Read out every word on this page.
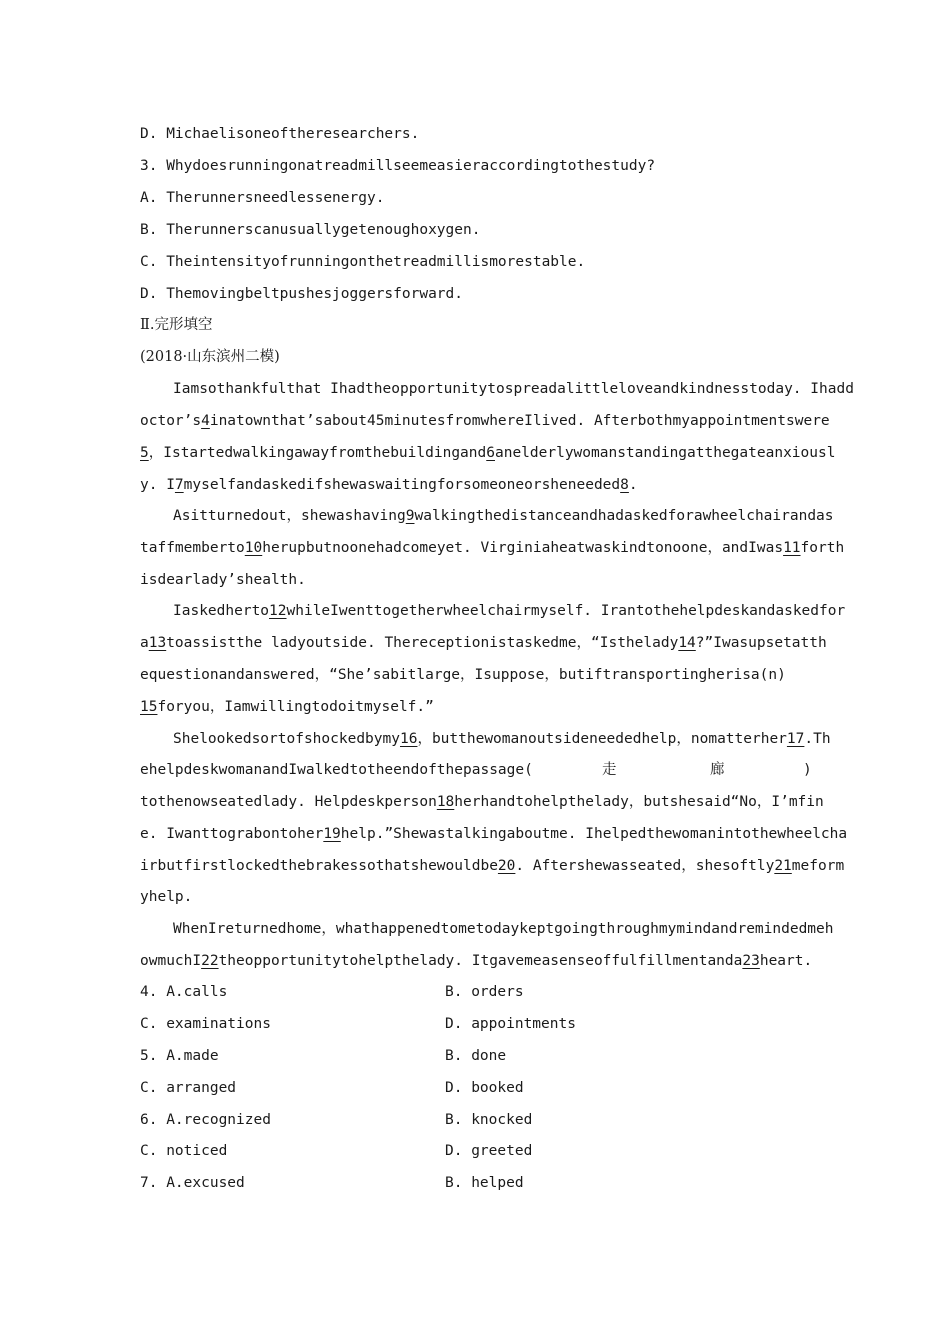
D. Michaelisoneoftheresearchers.
3. Whydoesrunningonatreadmillseemeasieraccordingtothestudy?
A. Therunnersneedlessenergy.
B. Therunnerscanusuallygetenoughoxygen.
C. Theintensityofrunningonthetreadmillismorestable.
D. Themovingbeltpushesjoggersforward.
Ⅱ.完形填空
(2018·山东滨州二模)
Iamsothankfulthat Ihadtheopportunitytospreadalittleloveandkindnesstoday. Ihadd
octor’s4inatownthat’sabout45minutesfromwhereIlived. Afterbothmyappointmentswere
5，Istartedwalkingawayfromthebuildingand6anelderlywomanstandingatthegateanxiousl
y. I7myselfandaskedifshewaswaitingforsomeoneorsheneeded8.
Asitturnedout，shewashaving9walkingthedistanceandhadaskedforawheelchairandas
taffmemberto10herupbutnoonehadcomeyet. Virginiaheatwaskindtonoone，andIwas11forth
isdearlady’shealth.
Iaskedherto12whileIwenttogetherwheelchairmyself. Irantothehelpdeskandaskedfor
a13toassistthe ladyoutside. Thereceptionistaskedme，“Isthelady14?”Iwasupsetatth
equestionandanswered，“She’sabitlarge，Isuppose，butiftransportingherisa(n)
15foryou，Iamwillingtodoitmyself.”
Shelookedsortofshockedbymy16，butthewomanoutsideneededhelp，nomatterher17.Th
ehelpdeskwomanandIwalkedtotheendofthepassage(	走	廊	)
tothenowseatedlady. Helpdeskperson18herhandtohelpthelady，butshesaid“No，I’mfin
e. Iwanttograbontoher19help.”Shewastalkingaboutme. Ihelpedthewomanintothewheelcha
irbutfirstlockedthebrakessothatshewouldbe20. Aftershewasseated，shesoftly21meform
yhelp.
WhenIreturnedhome，whathappenedtometodaykeptgoingthroughmymindandremindedmeh
owmuchI22theopportunitytohelpthelady. Itgavemeasenseoffulfillmentanda23heart.
4. A.calls	B. orders
C. examinations	D. appointments
5. A.made	B. done
C. arranged	D. booked
6. A.recognized	B. knocked
C. noticed	D. greeted
7. A.excused	B. helped
